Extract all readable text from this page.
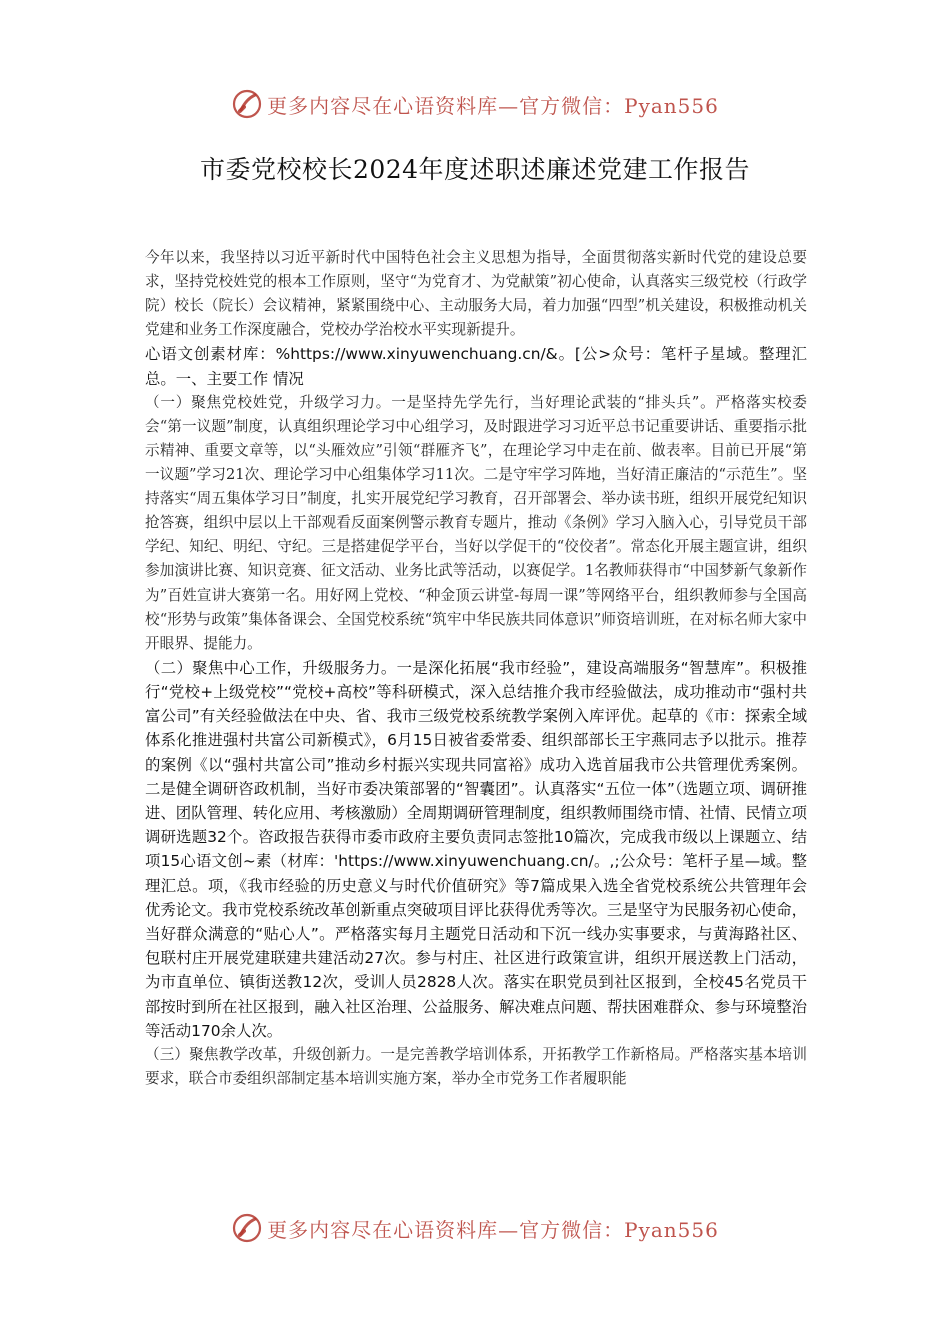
更多内容尽在心语资料库—官方微信：Pyan556
市委党校校长2024年度述职述廉述党建工作报告

今年以来，我坚持以习近平新时代中国特色社会主义思想为指导，全面贯彻落实新时代党的建设总要求，坚持党校姓党的根本工作原则，坚守“为党育才、为党献策”初心使命，认真落实三级党校（行政学院）校长（院长）会议精神，紧紧围绕中心、主动服务大局，着力加强“四型”机关建设，积极推动机关党建和业务工作深度融合，党校办学治校水平实现新提升。

心语文创素材库：%https://www.xinyuwenchuang.cn/&。[公>众号：笔杆子星域。整理汇总。一、主要工作 情况

（一）聚焦党校姓党，升级学习力。一是坚持先学先行，当好理论武装的“排头兵”。严格落实校委会“第一议题”制度，认真组织理论学习中心组学习，及时跟进学习习近平总书记重要讲话、重要指示批示精神、重要文章等，以“头雁效应”引领“群雁齐飞”，在理论学习中走在前、做表率。目前已开展“第一议题”学习21次、理论学习中心组集体学习11次。二是守牢学习阵地，当好清正廉洁的“示范生”。坚持落实“周五集体学习日”制度，扎实开展党纪学习教育，召开部署会、举办读书班，组织开展党纪知识抢答赛，组织中层以上干部观看反面案例警示教育专题片，推动《条例》学习入脑入心，引导党员干部学纪、知纪、明纪、守纪。三是搭建促学平台，当好以学促干的“佼佼者”。常态化开展主题宣讲，组织参加演讲比赛、知识竞赛、征文活动、业务比武等活动，以赛促学。1名教师获得市“中国梦新气象新作为”百姓宣讲大赛第一名。用好网上党校、“种金顶云讲堂-每周一课”等网络平台，组织教师参与全国高校“形势与政策”集体备课会、全国党校系统“筑牢中华民族共同体意识”师资培训班，在对标名师大家中开眼界、提能力。

（二）聚焦中心工作，升级服务力。一是深化拓展“我市经验”，建设高端服务“智慧库”。积极推行“党校+上级党校”“党校+高校”等科研模式，深入总结推介我市经验做法，成功推动市“强村共富公司”有关经验做法在中央、省、我市三级党校系统教学案例入库评优。起草的《市：探索全域体系化推进强村共富公司新模式》，6月15日被省委常委、组织部部长王宇燕同志予以批示。推荐的案例《以“强村共富公司”推动乡村振兴实现共同富裕》成功入选首届我市公共管理优秀案例。二是健全调研咨政机制，当好市委决策部署的“智囊团”。认真落实“五位一体”（选题立项、调研推进、团队管理、转化应用、考核激励）全周期调研管理制度，组织教师围绕市情、社情、民情立项调研选题32个。咨政报告获得市委市政府主要负责同志签批10篇次，完成我市级以上课题立、结项15心语文创~素（材库：'https://www.xinyuwenchuang.cn/。,;公众号：笔杆子星—域。整理汇总。项，《我市经验的历史意义与时代价值研究》等7篇成果入选全省党校系统公共管理年会优秀论文。我市党校系统改革创新重点突破项目评比获得优秀等次。三是坚守为民服务初心使命，当好群众满意的“贴心人”。严格落实每月主题党日活动和下沉一线办实事要求，与黄海路社区、包联村庄开展党建联建共建活动27次。参与村庄、社区进行政策宣讲，组织开展送教上门活动，为市直单位、镇街送教12次，受训人员2828人次。落实在职党员到社区报到，全校45名党员干部按时到所在社区报到，融入社区治理、公益服务、解决难点问题、帮扶困难群众、参与环境整治等活动170余人次。

（三）聚焦教学改革，升级创新力。一是完善教学培训体系，开拓教学工作新格局。严格落实基本培训要求，联合市委组织部制定基本培训实施方案，举办全市党务工作者履职能

更多内容尽在心语资料库—官方微信：Pyan556
